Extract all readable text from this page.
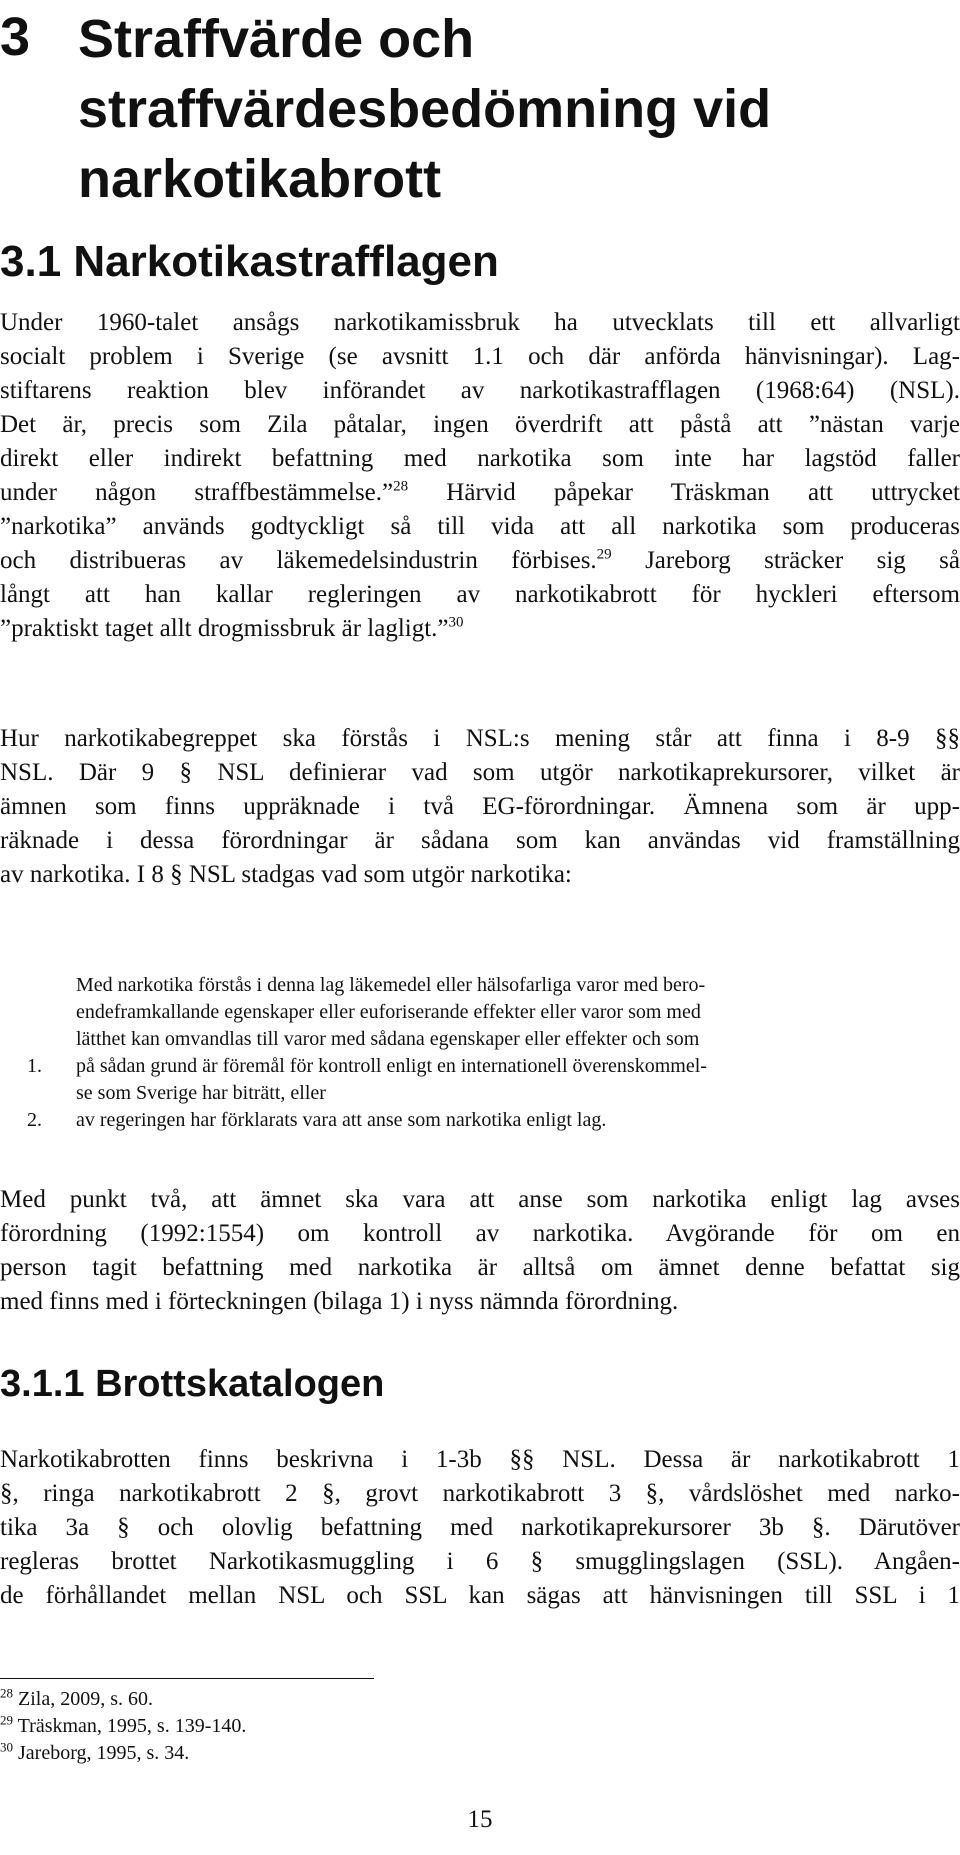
3 Straffvärde och
straffvärdesbedömning vid
narkotikabrott
3.1 Narkotikastrafflagen
Under 1960-talet ansågs narkotikamissbruk ha utvecklats till ett allvarligt
socialt problem i Sverige (se avsnitt 1.1 och där anförda hänvisningar). Lag-
stiftarens reaktion blev införandet av narkotikastrafflagen (1968:64) (NSL).
Det är, precis som Zila påtalar, ingen överdrift att påstå att ”nästan varje
direkt eller indirekt befattning med narkotika som inte har lagstöd faller
under någon straffbestämmelse.”$^{28}$ Härvid påpekar Träskman att uttrycket
”narkotika” används godtyckligt så till vida att all narkotika som produceras
och distribueras av läkemedelsindustrin förbises.$^{29}$ Jareborg sträcker sig så
långt att han kallar regleringen av narkotikabrott för hyckleri eftersom
”praktiskt taget allt drogmissbruk är lagligt.”$^{30}$
Hur narkotikabegreppet ska förstås i NSL:s mening står att finna i 8-9 §§
NSL. Där 9 § NSL definierar vad som utgör narkotikaprekursorer, vilket är
ämnen som finns uppräknade i två EG-förordningar. Ämnena som är upp-
räknade i dessa förordningar är sådana som kan användas vid framställning
av narkotika. I 8 § NSL stadgas vad som utgör narkotika:
Med narkotika förstås i denna lag läkemedel eller hälsofarliga varor med bero-
endeframkallande egenskaper eller euforiserande effekter eller varor som med
lätthet kan omvandlas till varor med sådana egenskaper eller effekter och som
1. på sådan grund är föremål för kontroll enligt en internationell överenskommel-
se som Sverige har biträtt, eller
2. av regeringen har förklarats vara att anse som narkotika enligt lag.
Med punkt två, att ämnet ska vara att anse som narkotika enligt lag avses
förordning (1992:1554) om kontroll av narkotika. Avgörande för om en
person tagit befattning med narkotika är alltså om ämnet denne befattat sig
med finns med i förteckningen (bilaga 1) i nyss nämnda förordning.
3.1.1 Brottskatalogen
Narkotikabrotten finns beskrivna i 1-3b §§ NSL. Dessa är narkotikabrott 1
§, ringa narkotikabrott 2 §, grovt narkotikabrott 3 §, vårdslöshet med narko-
tika 3a § och olovlig befattning med narkotikaprekursorer 3b §. Därutöver
regleras brottet Narkotikasmuggling i 6 § smugglingslagen (SSL). Angåen-
de förhållandet mellan NSL och SSL kan sägas att hänvisningen till SSL i 1
$^{28}$ Zila, 2009, s. 60.
$^{29}$ Träskman, 1995, s. 139-140.
$^{30}$ Jareborg, 1995, s. 34.
15
